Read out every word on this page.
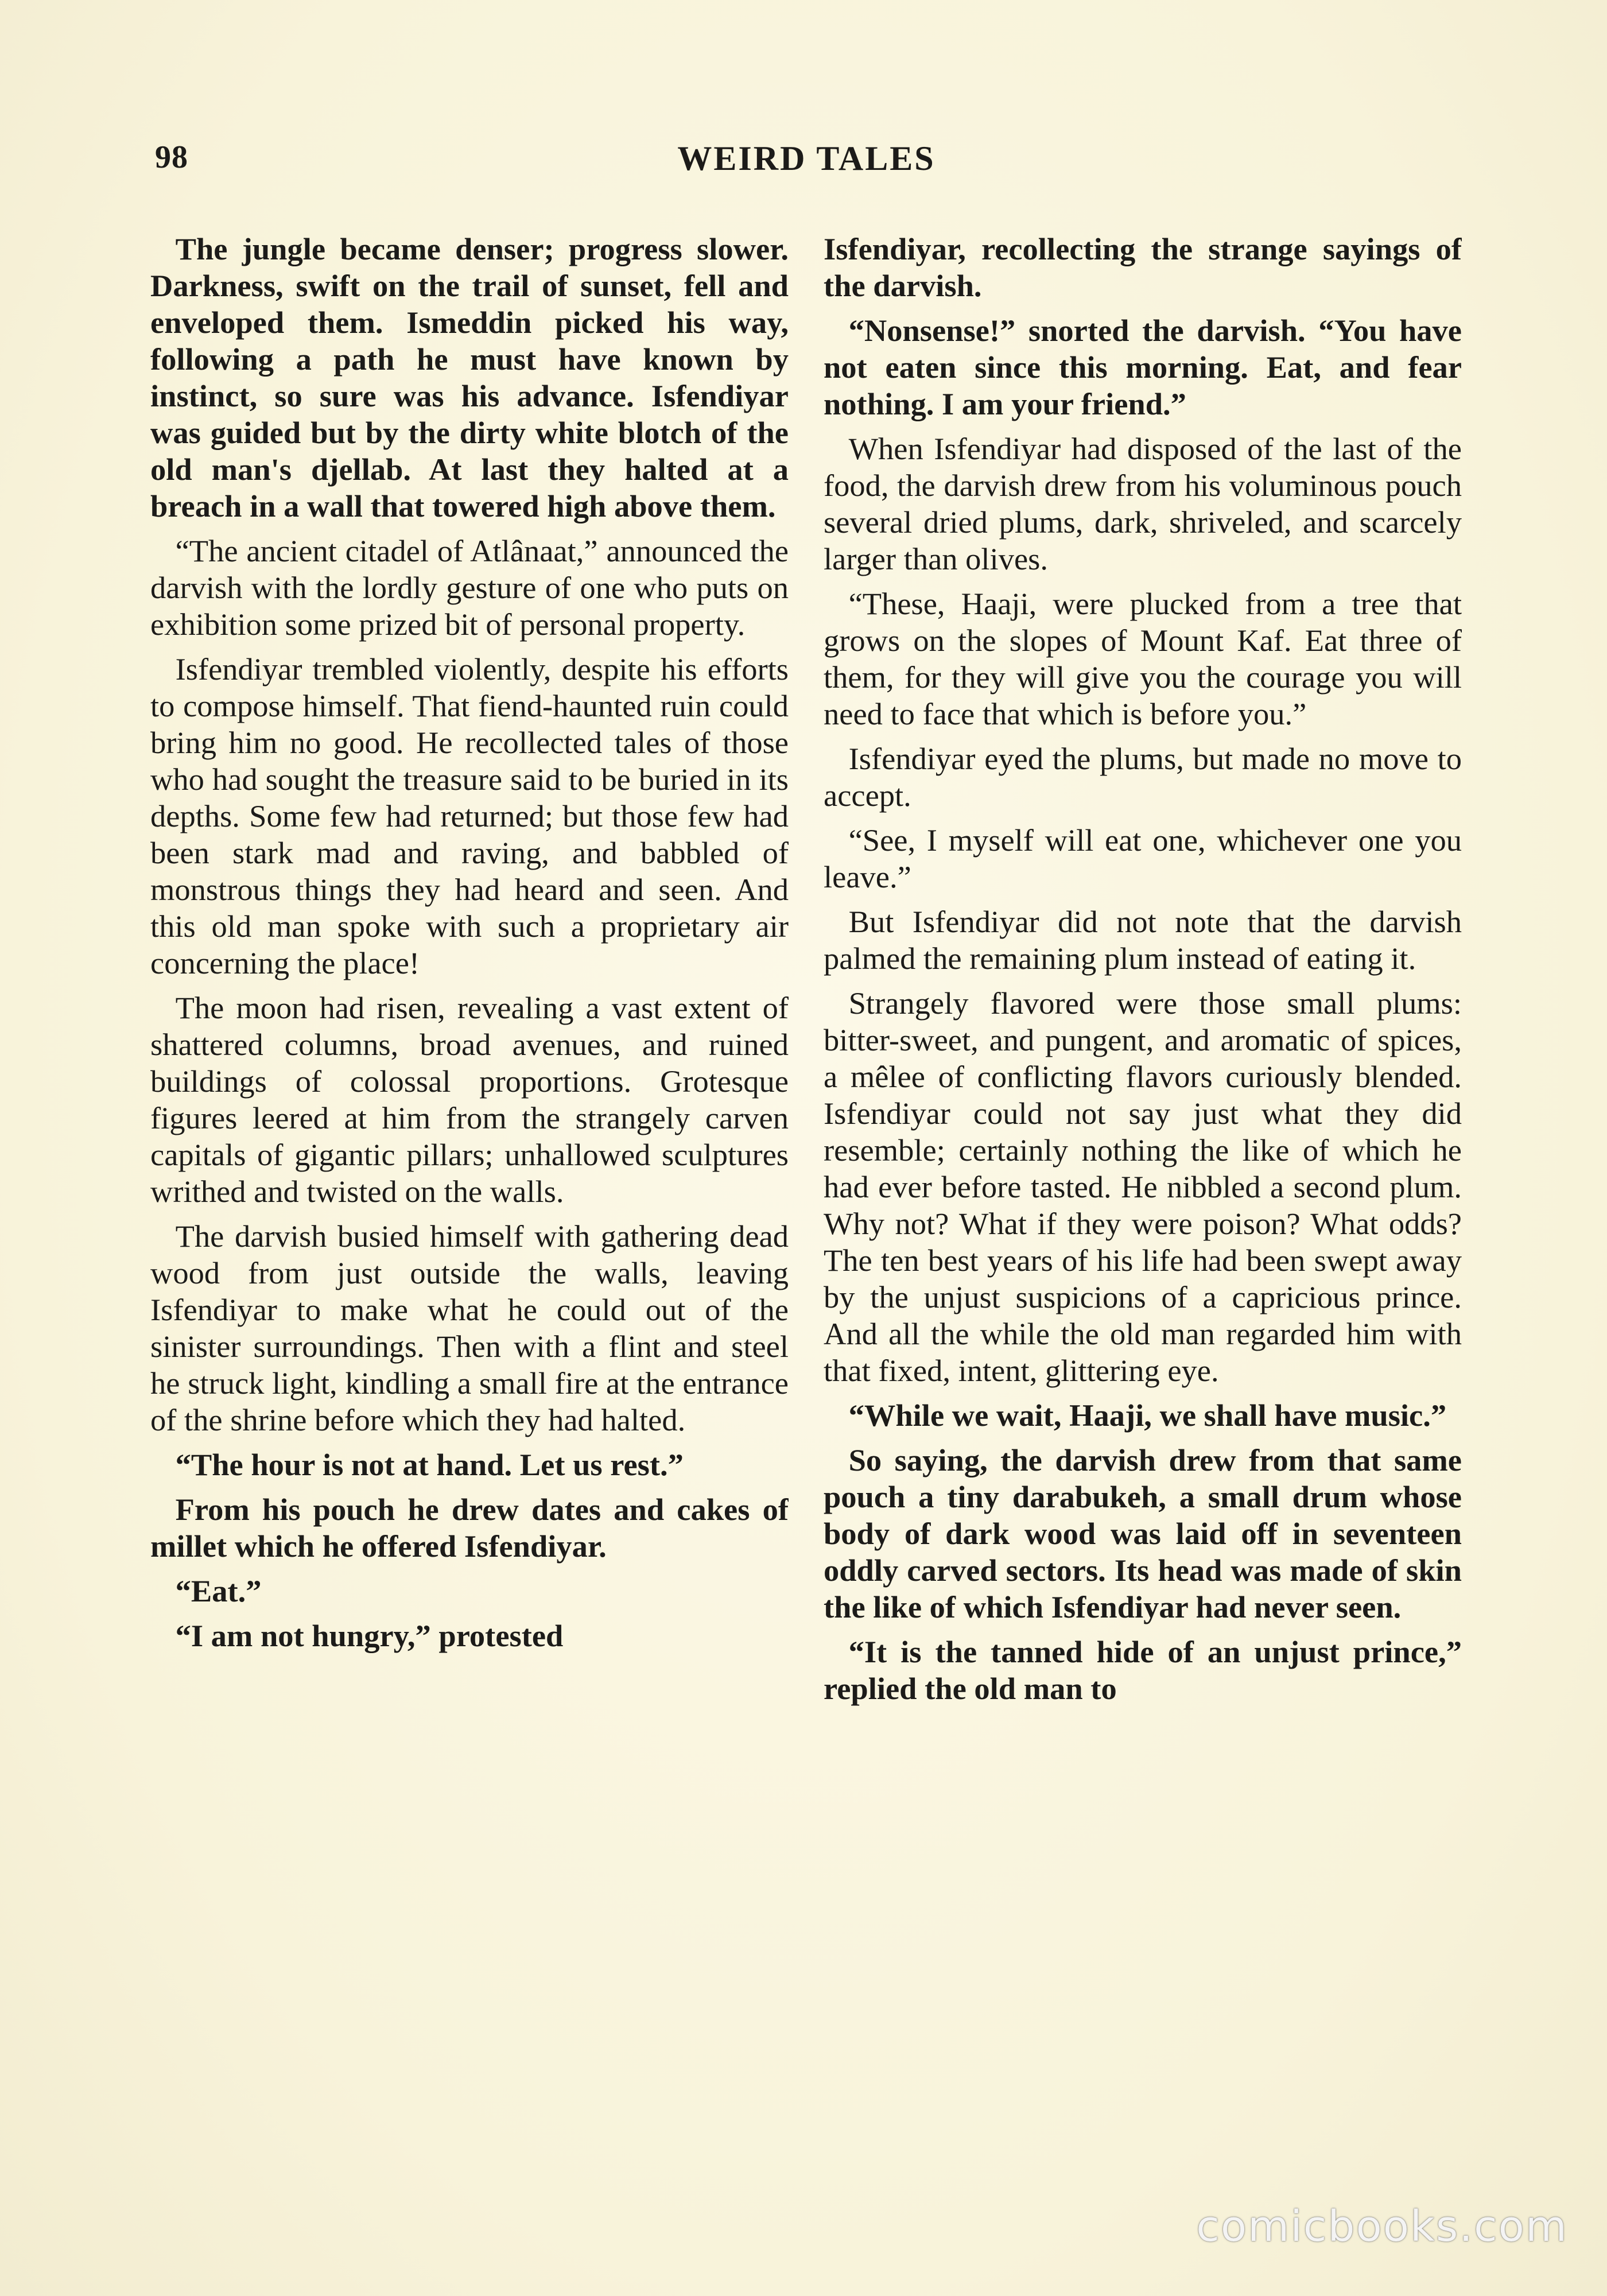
98	WEIRD TALES

The jungle became denser; progress slower. Darkness, swift on the trail of sunset, fell and enveloped them. Ismeddin picked his way, following a path he must have known by instinct, so sure was his advance. Isfendiyar was guided but by the dirty white blotch of the old man's djellab. At last they halted at a breach in a wall that towered high above them.

“The ancient citadel of Atlânaat,” announced the darvish with the lordly gesture of one who puts on exhibition some prized bit of personal property.

Isfendiyar trembled violently, despite his efforts to compose himself. That fiend-haunted ruin could bring him no good. He recollected tales of those who had sought the treasure said to be buried in its depths. Some few had returned; but those few had been stark mad and raving, and babbled of monstrous things they had heard and seen. And this old man spoke with such a proprietary air concerning the place!

The moon had risen, revealing a vast extent of shattered columns, broad avenues, and ruined buildings of colossal proportions. Grotesque figures leered at him from the strangely carven capitals of gigantic pillars; unhallowed sculptures writhed and twisted on the walls.

The darvish busied himself with gathering dead wood from just outside the walls, leaving Isfendiyar to make what he could out of the sinister surroundings. Then with a flint and steel he struck light, kindling a small fire at the entrance of the shrine before which they had halted.

“The hour is not at hand. Let us rest.”

From his pouch he drew dates and cakes of millet which he offered Isfendiyar.

“Eat.”

“I am not hungry,” protested

Isfendiyar, recollecting the strange sayings of the darvish.

“Nonsense!” snorted the darvish. “You have not eaten since this morning. Eat, and fear nothing. I am your friend.”

When Isfendiyar had disposed of the last of the food, the darvish drew from his voluminous pouch several dried plums, dark, shriveled, and scarcely larger than olives.

“These, Haaji, were plucked from a tree that grows on the slopes of Mount Kaf. Eat three of them, for they will give you the courage you will need to face that which is before you.”

Isfendiyar eyed the plums, but made no move to accept.

“See, I myself will eat one, whichever one you leave.”

But Isfendiyar did not note that the darvish palmed the remaining plum instead of eating it.

Strangely flavored were those small plums: bitter-sweet, and pungent, and aromatic of spices, a mêlee of conflicting flavors curiously blended. Isfendiyar could not say just what they did resemble; certainly nothing the like of which he had ever before tasted. He nibbled a second plum. Why not? What if they were poison? What odds? The ten best years of his life had been swept away by the unjust suspicions of a capricious prince. And all the while the old man regarded him with that fixed, intent, glittering eye.

“While we wait, Haaji, we shall have music.”

So saying, the darvish drew from that same pouch a tiny darabukeh, a small drum whose body of dark wood was laid off in seventeen oddly carved sectors. Its head was made of skin the like of which Isfendiyar had never seen.

“It is the tanned hide of an unjust prince,” replied the old man to

comicbooks.com
